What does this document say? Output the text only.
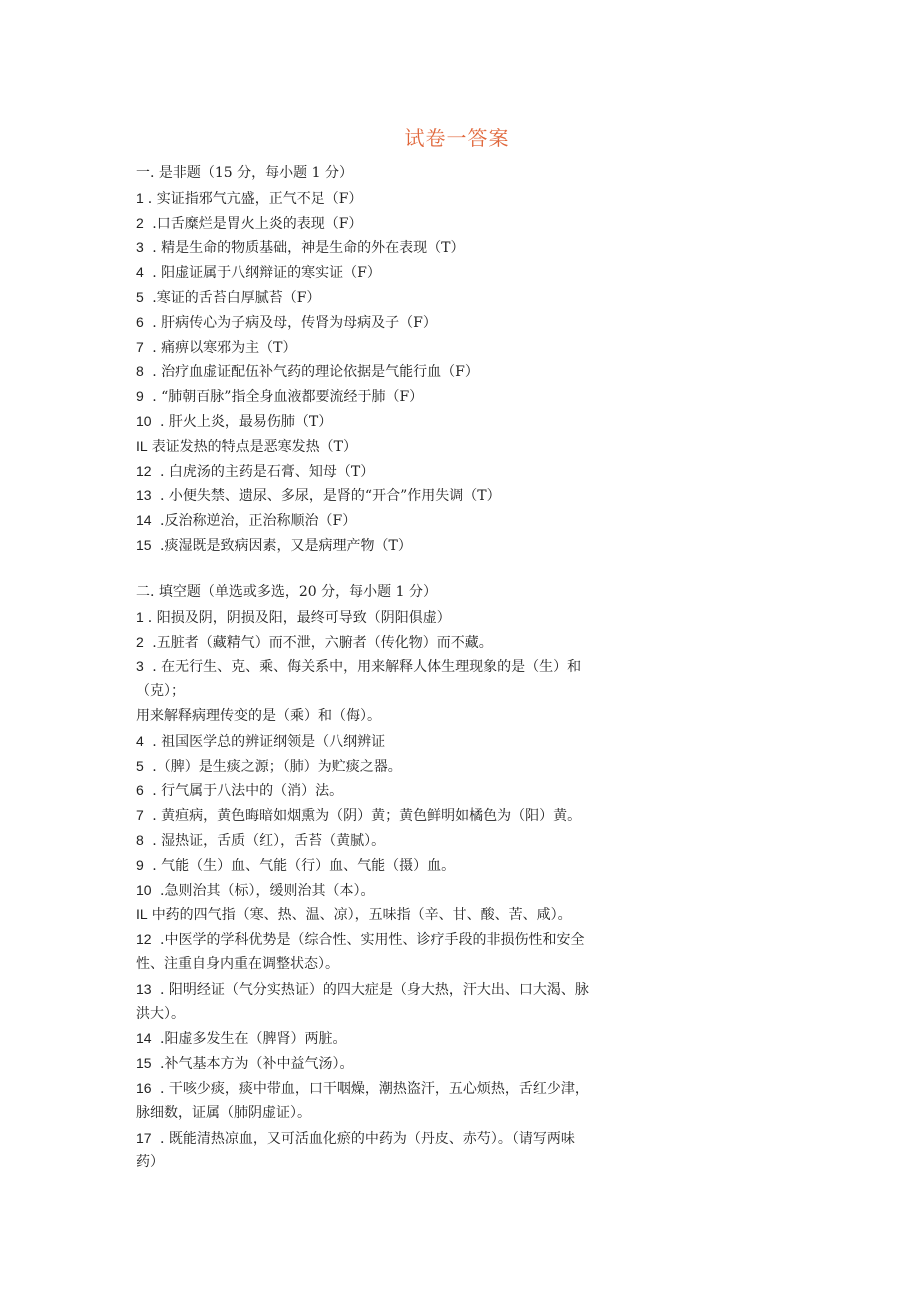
试卷一答案
一. 是非题（15 分，每小题 1 分）
1 . 实证指邪气亢盛，正气不足（F）
2 .口舌糜烂是胃火上炎的表现（F）
3 . 精是生命的物质基础，神是生命的外在表现（T）
4 . 阳虚证属于八纲辩证的寒实证（F）
5 .寒证的舌苔白厚腻苔（F）
6 . 肝病传心为子病及母，传肾为母病及子（F）
7 . 痛痹以寒邪为主（T）
8 . 治疗血虚证配伍补气药的理论依据是气能行血（F）
9 . “肺朝百脉”指全身血液都要流经于肺（F）
10 . 肝火上炎，最易伤肺（T）
IL 表证发热的特点是恶寒发热（T）
12 . 白虎汤的主药是石膏、知母（T）
13 . 小便失禁、遗尿、多尿，是肾的“开合”作用失调（T）
14 .反治称逆治，正治称顺治（F）
15 .痰湿既是致病因素，又是病理产物（T）
二. 填空题（单选或多选，20 分，每小题 1 分）
1 . 阳损及阴，阴损及阳，最终可导致（阴阳俱虚）
2 .五脏者（藏精气）而不泄，六腑者（传化物）而不藏。
3 . 在无行生、克、乘、侮关系中，用来解释人体生理现象的是（生）和
（克）；
用来解释病理传变的是（乘）和（侮）。
4 . 祖国医学总的辨证纲领是（八纲辨证
5 .（脾）是生痰之源；（肺）为贮痰之器。
6 . 行气属于八法中的（消）法。
7 . 黄疸病，黄色晦暗如烟熏为（阴）黄；黄色鲜明如橘色为（阳）黄。
8 . 湿热证，舌质（红），舌苔（黄腻）。
9 . 气能（生）血、气能（行）血、气能（摄）血。
10 .急则治其（标），缓则治其（本）。
IL 中药的四气指（寒、热、温、凉），五味指（辛、甘、酸、苦、咸）。
12 .中医学的学科优势是（综合性、实用性、诊疗手段的非损伤性和安全
性、注重自身内重在调整状态）。
13 . 阳明经证（气分实热证）的四大症是（身大热，汗大出、口大渴、脉
洪大）。
14 .阳虚多发生在（脾肾）两脏。
15 .补气基本方为（补中益气汤）。
16 . 干咳少痰，痰中带血，口干咽燥，潮热盗汗，五心烦热，舌红少津，
脉细数，证属（肺阴虚证）。
17 . 既能清热凉血，又可活血化瘀的中药为（丹皮、赤芍）。（请写两味
药）
